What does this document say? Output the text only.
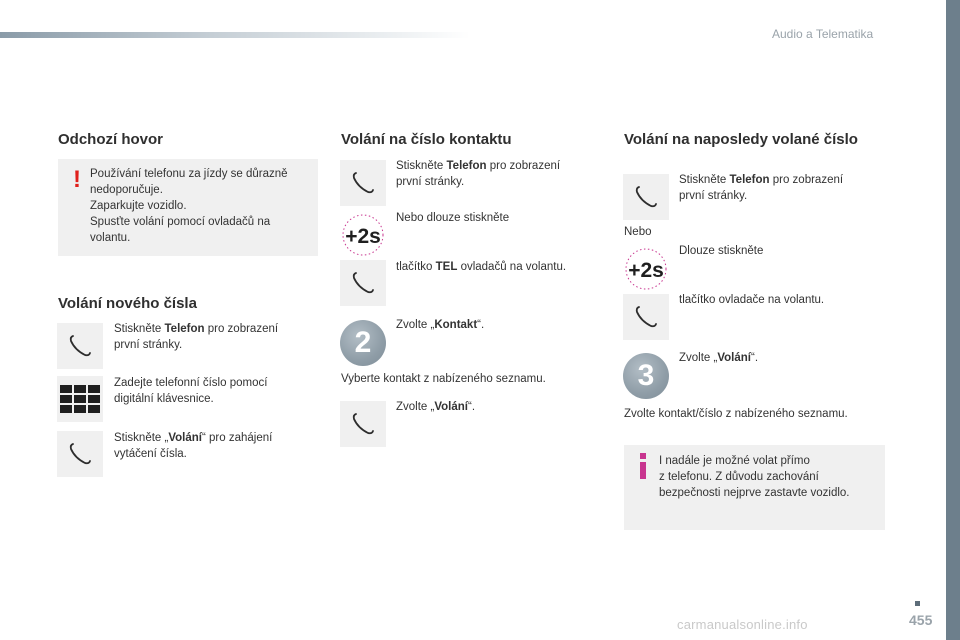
Audio a Telematika
Odchozí hovor
! Používání telefonu za jízdy se důrazně
nedoporučuje.
Zaparkujte vozidlo.
Spusťte volání pomocí ovladačů na
volantu.
Volání nového čísla
Stiskněte Telefon pro zobrazení
první stránky.
Zadejte telefonní číslo pomocí
digitální klávesnice.
Stiskněte „Volání“ pro zahájení
vytáčení čísla.
Volání na číslo kontaktu
Stiskněte Telefon pro zobrazení
první stránky.
+2s
Nebo dlouze stiskněte
tlačítko TEL ovladačů na volantu.
2
Zvolte „Kontakt“.
Vyberte kontakt z nabízeného seznamu.
Zvolte „Volání“.
Volání na naposledy volané číslo
Stiskněte Telefon pro zobrazení
první stránky.
Nebo
+2s
Dlouze stiskněte
tlačítko ovladače na volantu.
3
Zvolte „Volání“.
Zvolte kontakt/číslo z nabízeného seznamu.
I nadále je možné volat přímo
z telefonu. Z důvodu zachování
bezpečnosti nejprve zastavte vozidlo.
carmanualsonline.info	455
